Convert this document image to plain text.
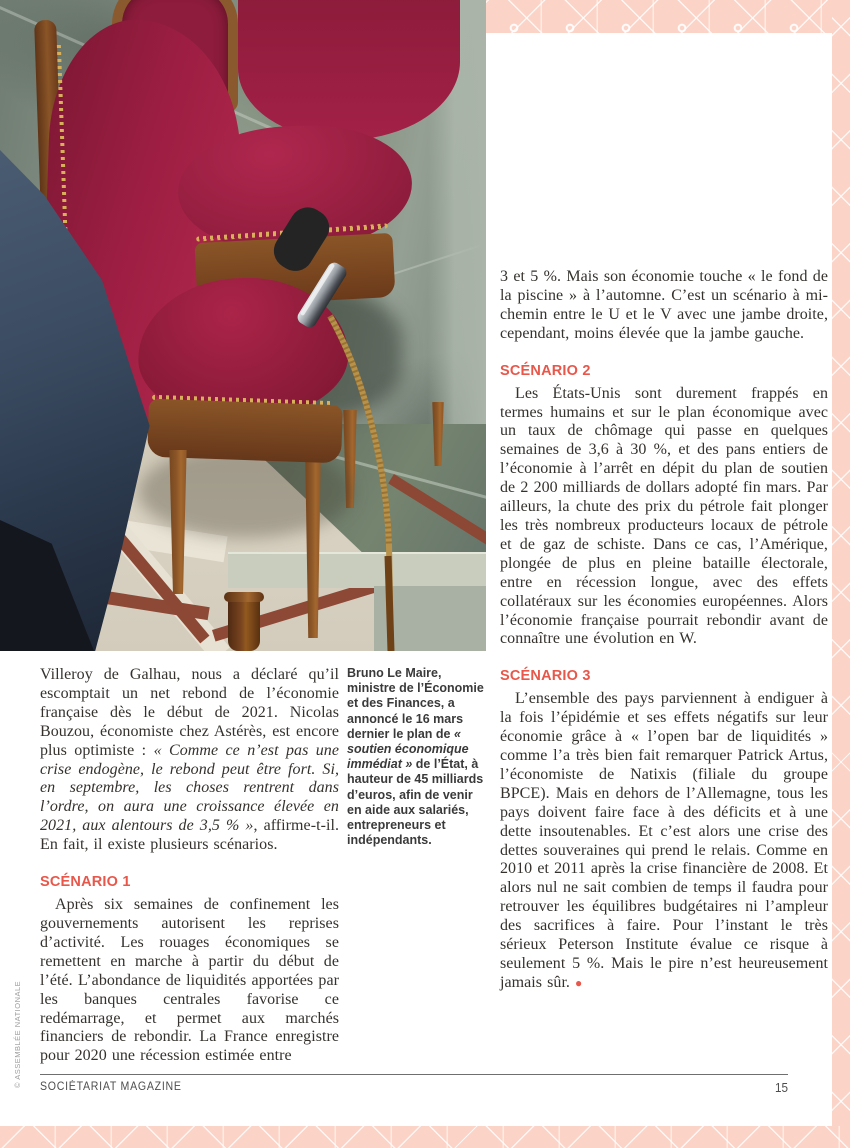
© ASSEMBLÉE NATIONALE

Villeroy de Galhau, nous a déclaré qu’il escomptait un net rebond de l’économie française dès le début de 2021. Nicolas Bouzou, économiste chez Astérès, est encore plus optimiste : « Comme ce n’est pas une crise endogène, le rebond peut être fort. Si, en septembre, les choses rentrent dans l’ordre, on aura une croissance élevée en 2021, aux alentours de 3,5 % », affirme-t-il. En fait, il existe plusieurs scénarios.

SCÉNARIO 1

Après six semaines de confinement les gouvernements autorisent les reprises d’activité. Les rouages économiques se remettent en marche à partir du début de l’été. L’abondance de liquidités apportées par les banques centrales favorise ce redémarrage, et permet aux marchés financiers de rebondir. La France enregistre pour 2020 une récession estimée entre

Bruno Le Maire, ministre de l’Économie et des Finances, a annoncé le 16 mars dernier le plan de « soutien économique immédiat » de l’État, à hauteur de 45 milliards d’euros, afin de venir en aide aux salariés, entrepreneurs et indépendants.

3 et 5 %. Mais son économie touche « le fond de la piscine » à l’automne. C’est un scénario à mi-chemin entre le U et le V avec une jambe droite, cependant, moins élevée que la jambe gauche.

SCÉNARIO 2

Les États-Unis sont durement frappés en termes humains et sur le plan économique avec un taux de chômage qui passe en quelques semaines de 3,6 à 30 %, et des pans entiers de l’économie à l’arrêt en dépit du plan de soutien de 2 200 milliards de dollars adopté fin mars. Par ailleurs, la chute des prix du pétrole fait plonger les très nombreux producteurs locaux de pétrole et de gaz de schiste. Dans ce cas, l’Amérique, plongée de plus en pleine bataille électorale, entre en récession longue, avec des effets collatéraux sur les économies européennes. Alors l’économie française pourrait rebondir avant de connaître une évolution en W.

SCÉNARIO 3

L’ensemble des pays parviennent à endiguer à la fois l’épidémie et ses effets négatifs sur leur économie grâce à « l’open bar de liquidités » comme l’a très bien fait remarquer Patrick Artus, l’économiste de Natixis (filiale du groupe BPCE). Mais en dehors de l’Allemagne, tous les pays doivent faire face à des déficits et à une dette insoutenables. Et c’est alors une crise des dettes souveraines qui prend le relais. Comme en 2010 et 2011 après la crise financière de 2008. Et alors nul ne sait combien de temps il faudra pour retrouver les équilibres budgétaires ni l’ampleur des sacrifices à faire. Pour l’instant le très sérieux Peterson Institute évalue ce risque à seulement 5 %. Mais le pire n’est heureusement jamais sûr. ●

SOCIÉTARIAT MAGAZINE	15
